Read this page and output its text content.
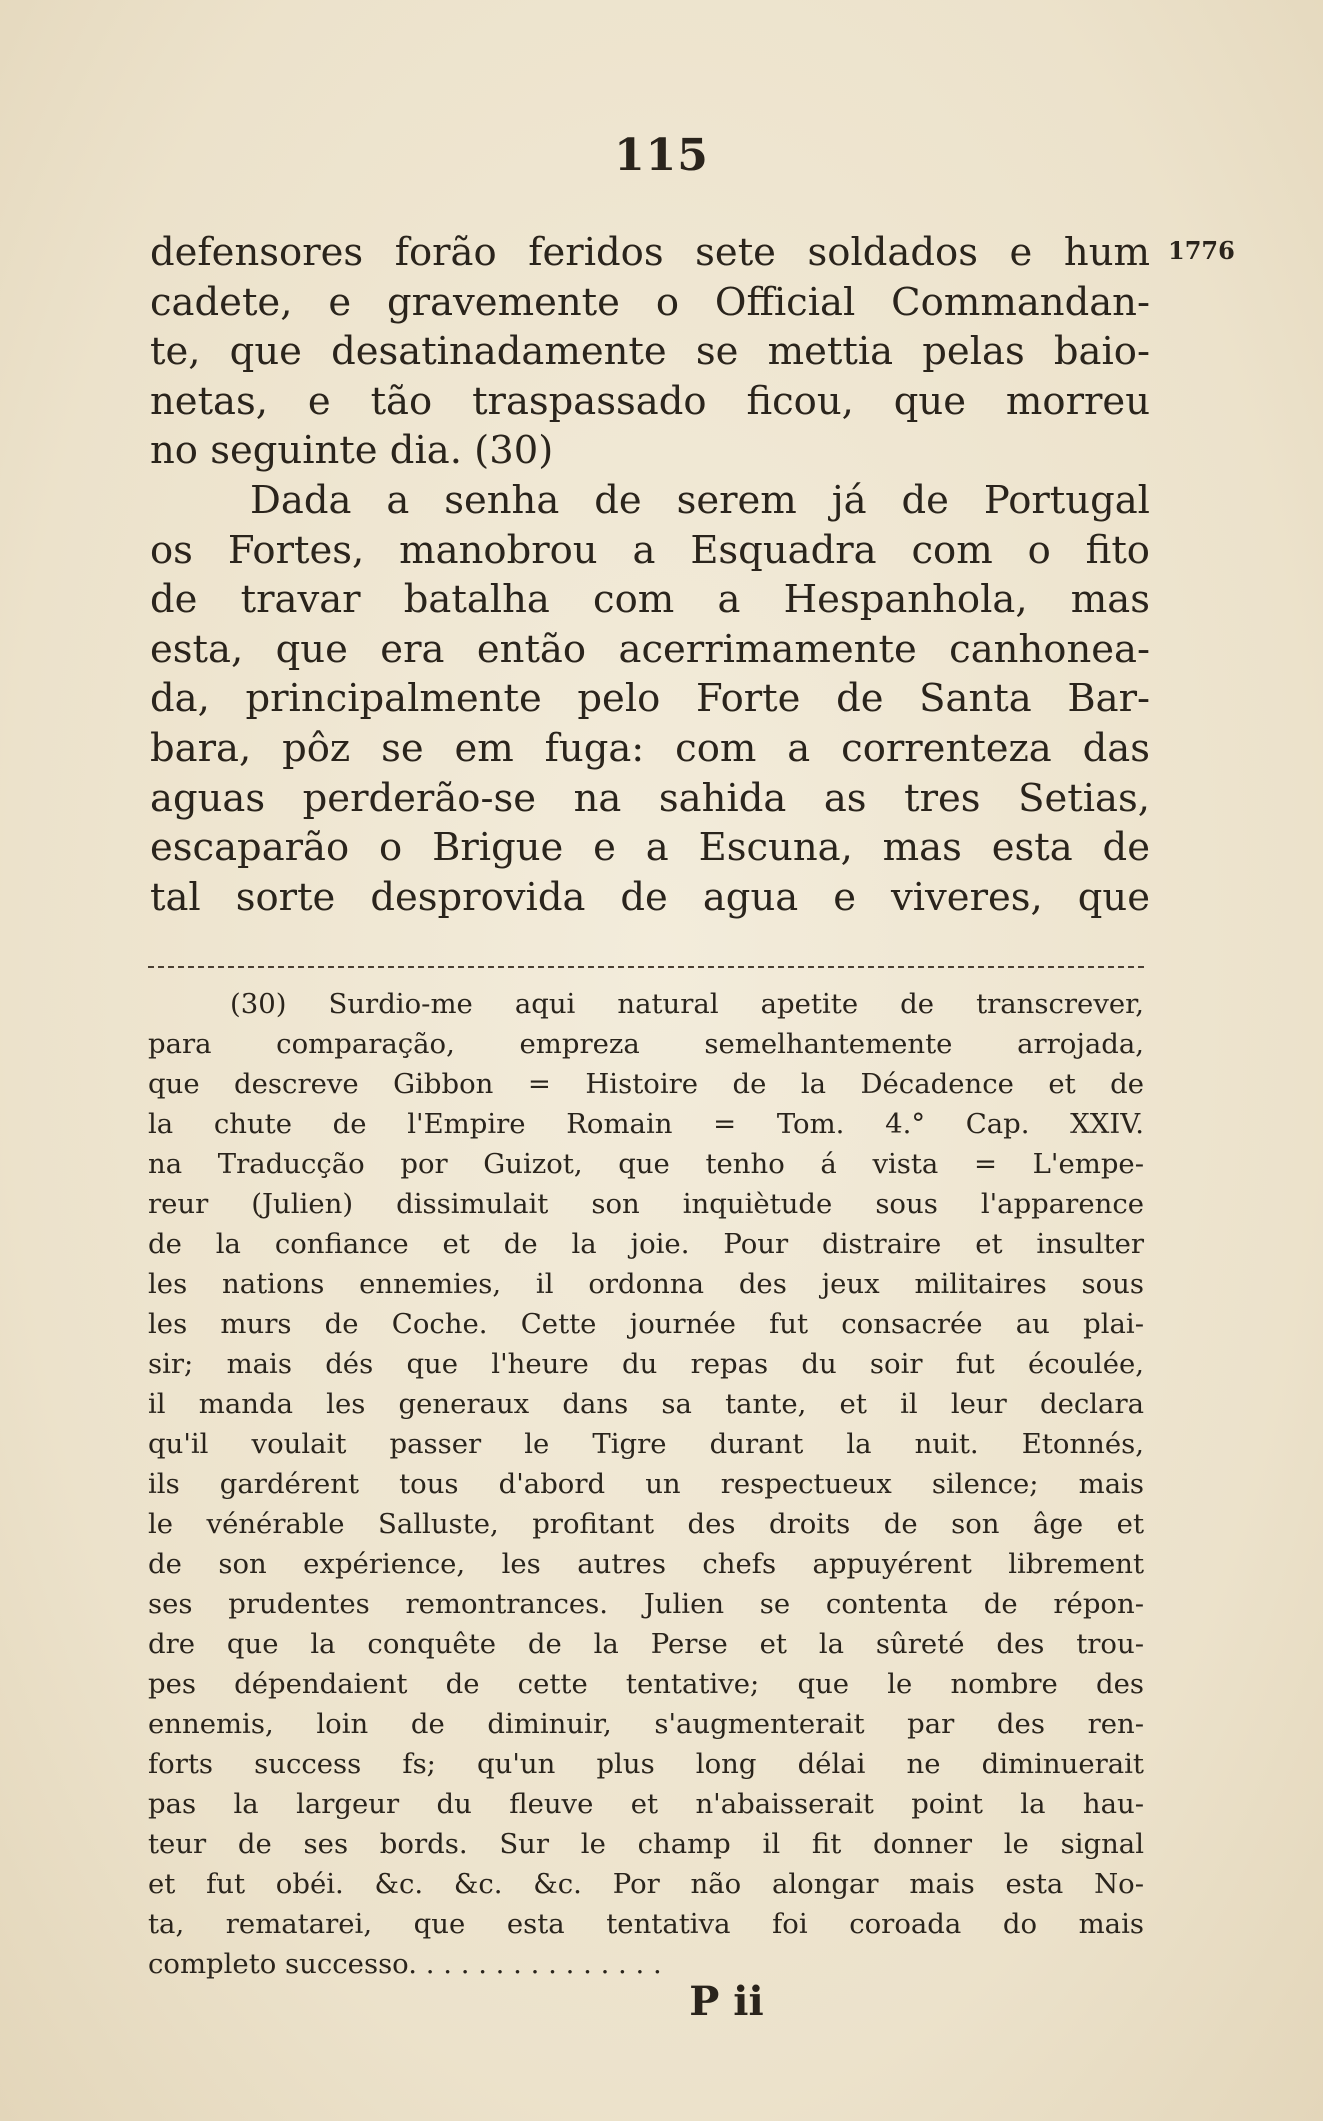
115
1776
defensores forão feridos sete soldados e hum
cadete, e gravemente o Official Commandan-
te, que desatinadamente se mettia pelas baio-
netas, e tão traspassado ficou, que morreu
no seguinte dia. (30)
Dada a senha de serem já de Portugal
os Fortes, manobrou a Esquadra com o fito
de travar batalha com a Hespanhola, mas
esta, que era então acerrimamente canhonea-
da, principalmente pelo Forte de Santa Bar-
bara, pôz se em fuga: com a correnteza das
aguas perderão-se na sahida as tres Setias,
escaparão o Brigue e a Escuna, mas esta de
tal sorte desprovida de agua e viveres, que
(30) Surdio-me aqui natural apetite de transcrever,
para comparação, empreza semelhantemente arrojada,
que descreve Gibbon = Histoire de la Décadence et de
la chute de l'Empire Romain = Tom. 4.° Cap. XXIV.
na Traducção por Guizot, que tenho á vista = L'empe-
reur (Julien) dissimulait son inquiètude sous l'apparence
de la confiance et de la joie. Pour distraire et insulter
les nations ennemies, il ordonna des jeux militaires sous
les murs de Coche. Cette journée fut consacrée au plai-
sir; mais dés que l'heure du repas du soir fut écoulée,
il manda les generaux dans sa tante, et il leur declara
qu'il voulait passer le Tigre durant la nuit. Etonnés,
ils gardérent tous d'abord un respectueux silence; mais
le vénérable Salluste, profitant des droits de son âge et
de son expérience, les autres chefs appuyérent librement
ses prudentes remontrances. Julien se contenta de répon-
dre que la conquête de la Perse et la sûreté des trou-
pes dépendaient de cette tentative; que le nombre des
ennemis, loin de diminuir, s'augmenterait par des ren-
forts success fs; qu'un plus long délai ne diminuerait
pas la largeur du fleuve et n'abaisserait point la hau-
teur de ses bords. Sur le champ il fit donner le signal
et fut obéi. &c. &c. &c. Por não alongar mais esta No-
ta, rematarei, que esta tentativa foi coroada do mais
completo successo. . . . . . . . . . . . . . .
P ii
